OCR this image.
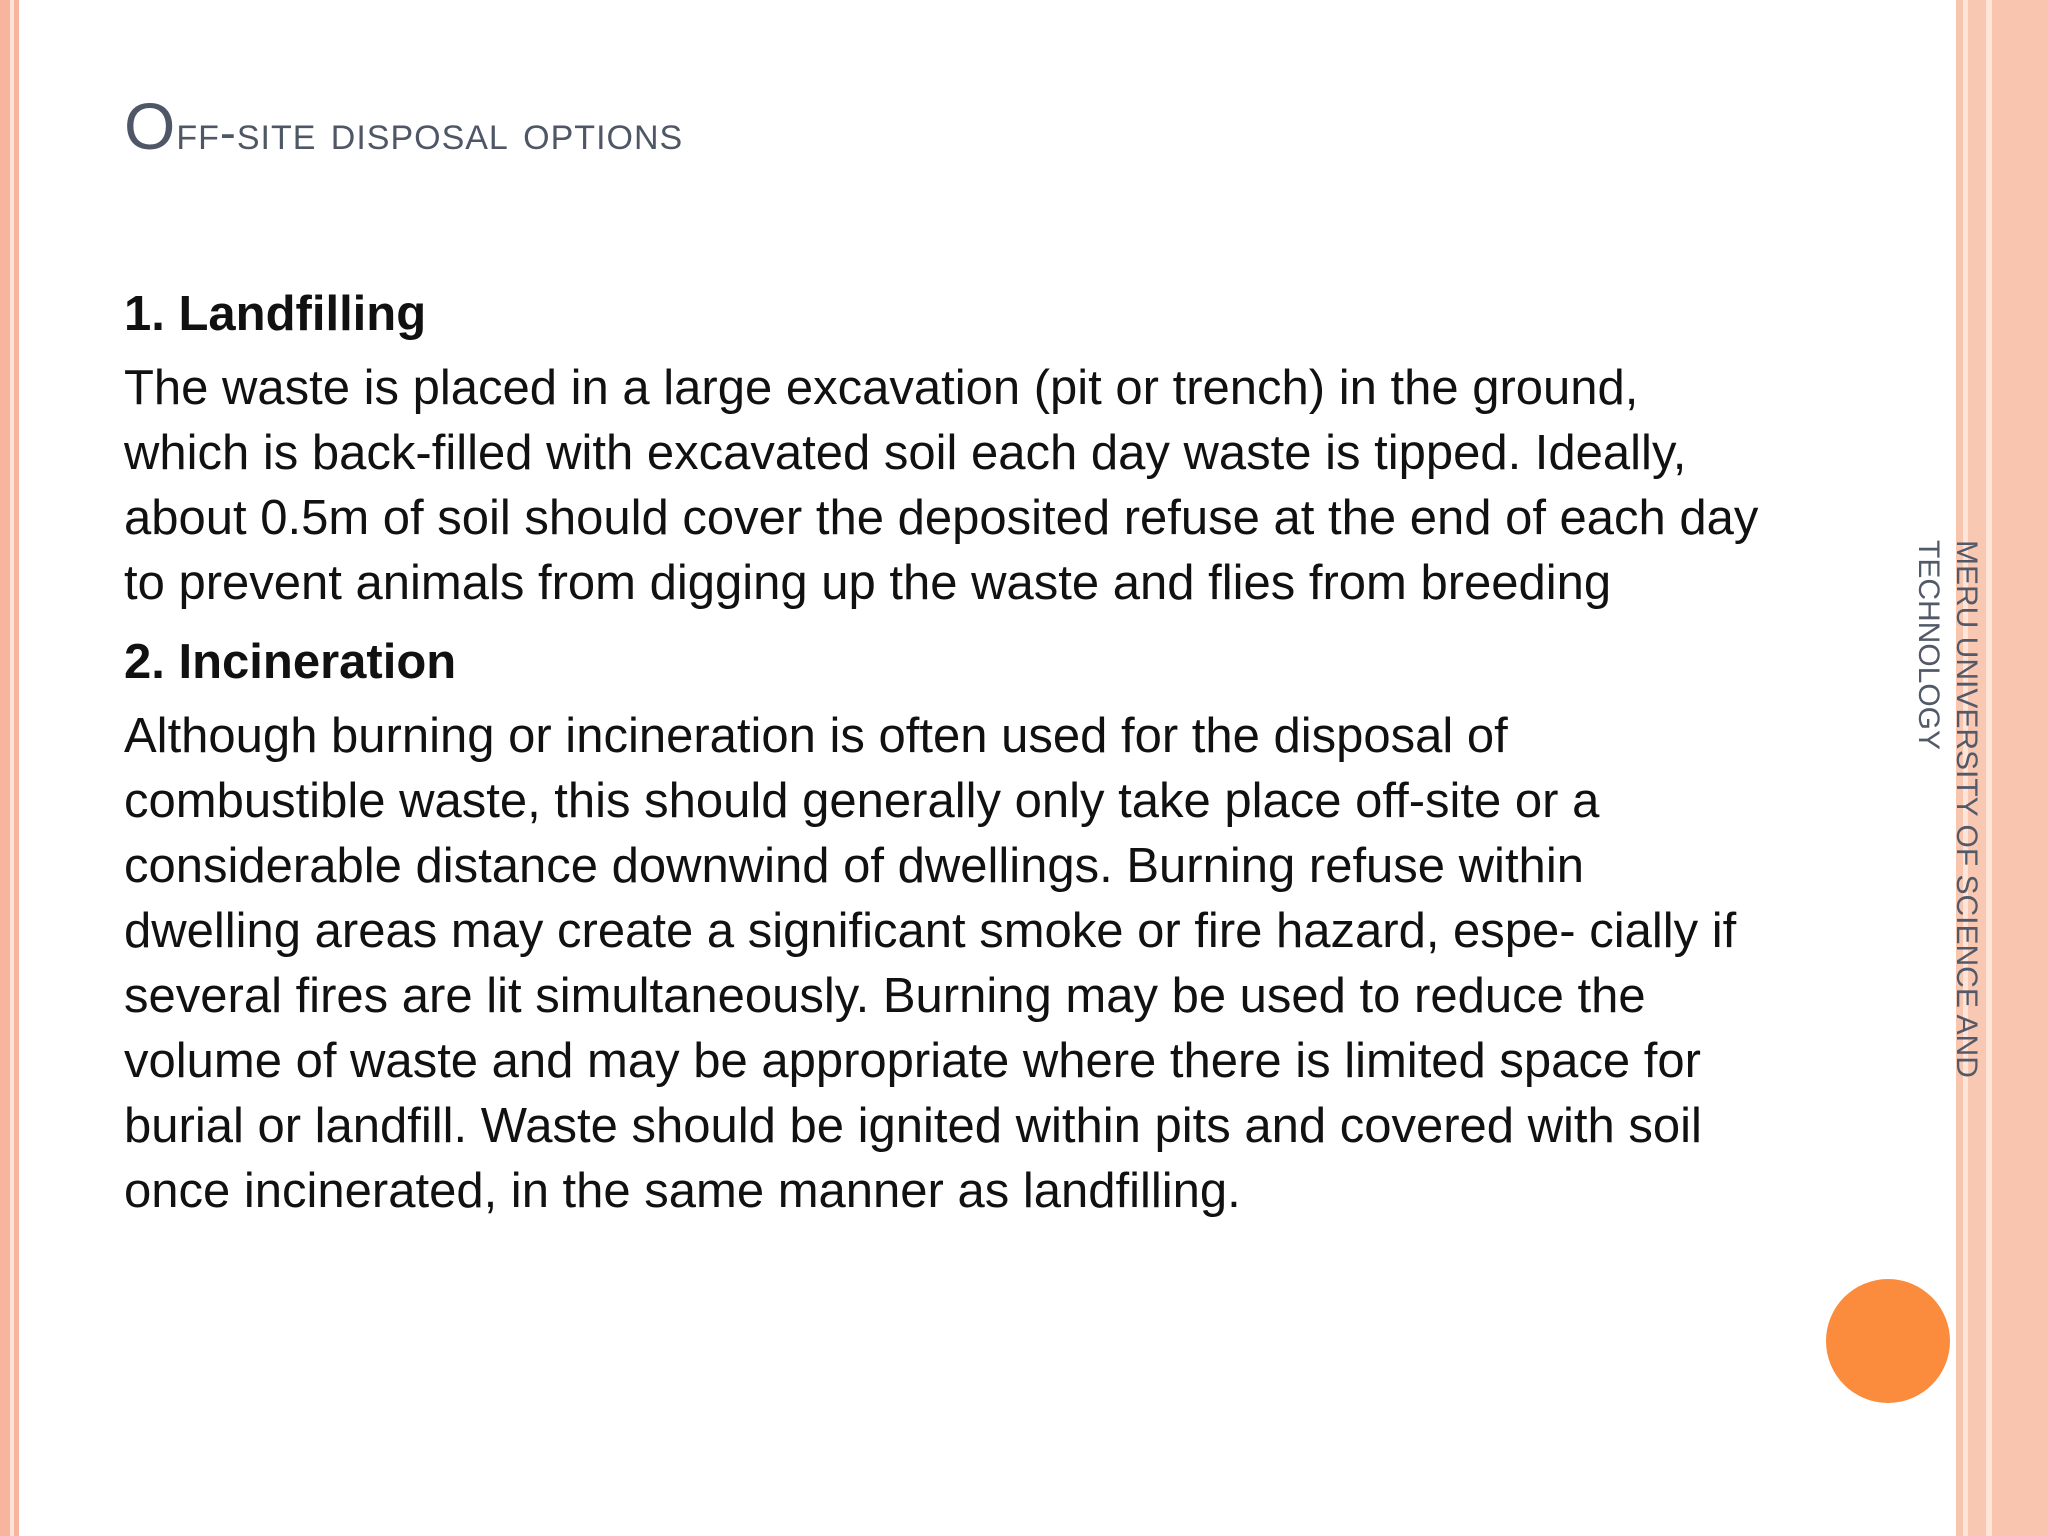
Off-site disposal options
1. Landfilling
The waste is placed in a large excavation (pit or trench) in the ground, which is back-filled with excavated soil each day waste is tipped. Ideally, about 0.5m of soil should cover the deposited refuse at the end of each day to prevent animals from digging up the waste and flies from breeding
2. Incineration
Although burning or incineration is often used for the disposal of combustible waste, this should generally only take place off-site or a considerable distance downwind of dwellings. Burning refuse within dwelling areas may create a significant smoke or fire hazard, espe- cially if several fires are lit simultaneously. Burning may be used to reduce the volume of waste and may be appropriate where there is limited space for burial or landfill. Waste should be ignited within pits and covered with soil once incinerated, in the same manner as landfilling.
MERU UNIVERSITY OF SCIENCE AND TECHNOLOGY
